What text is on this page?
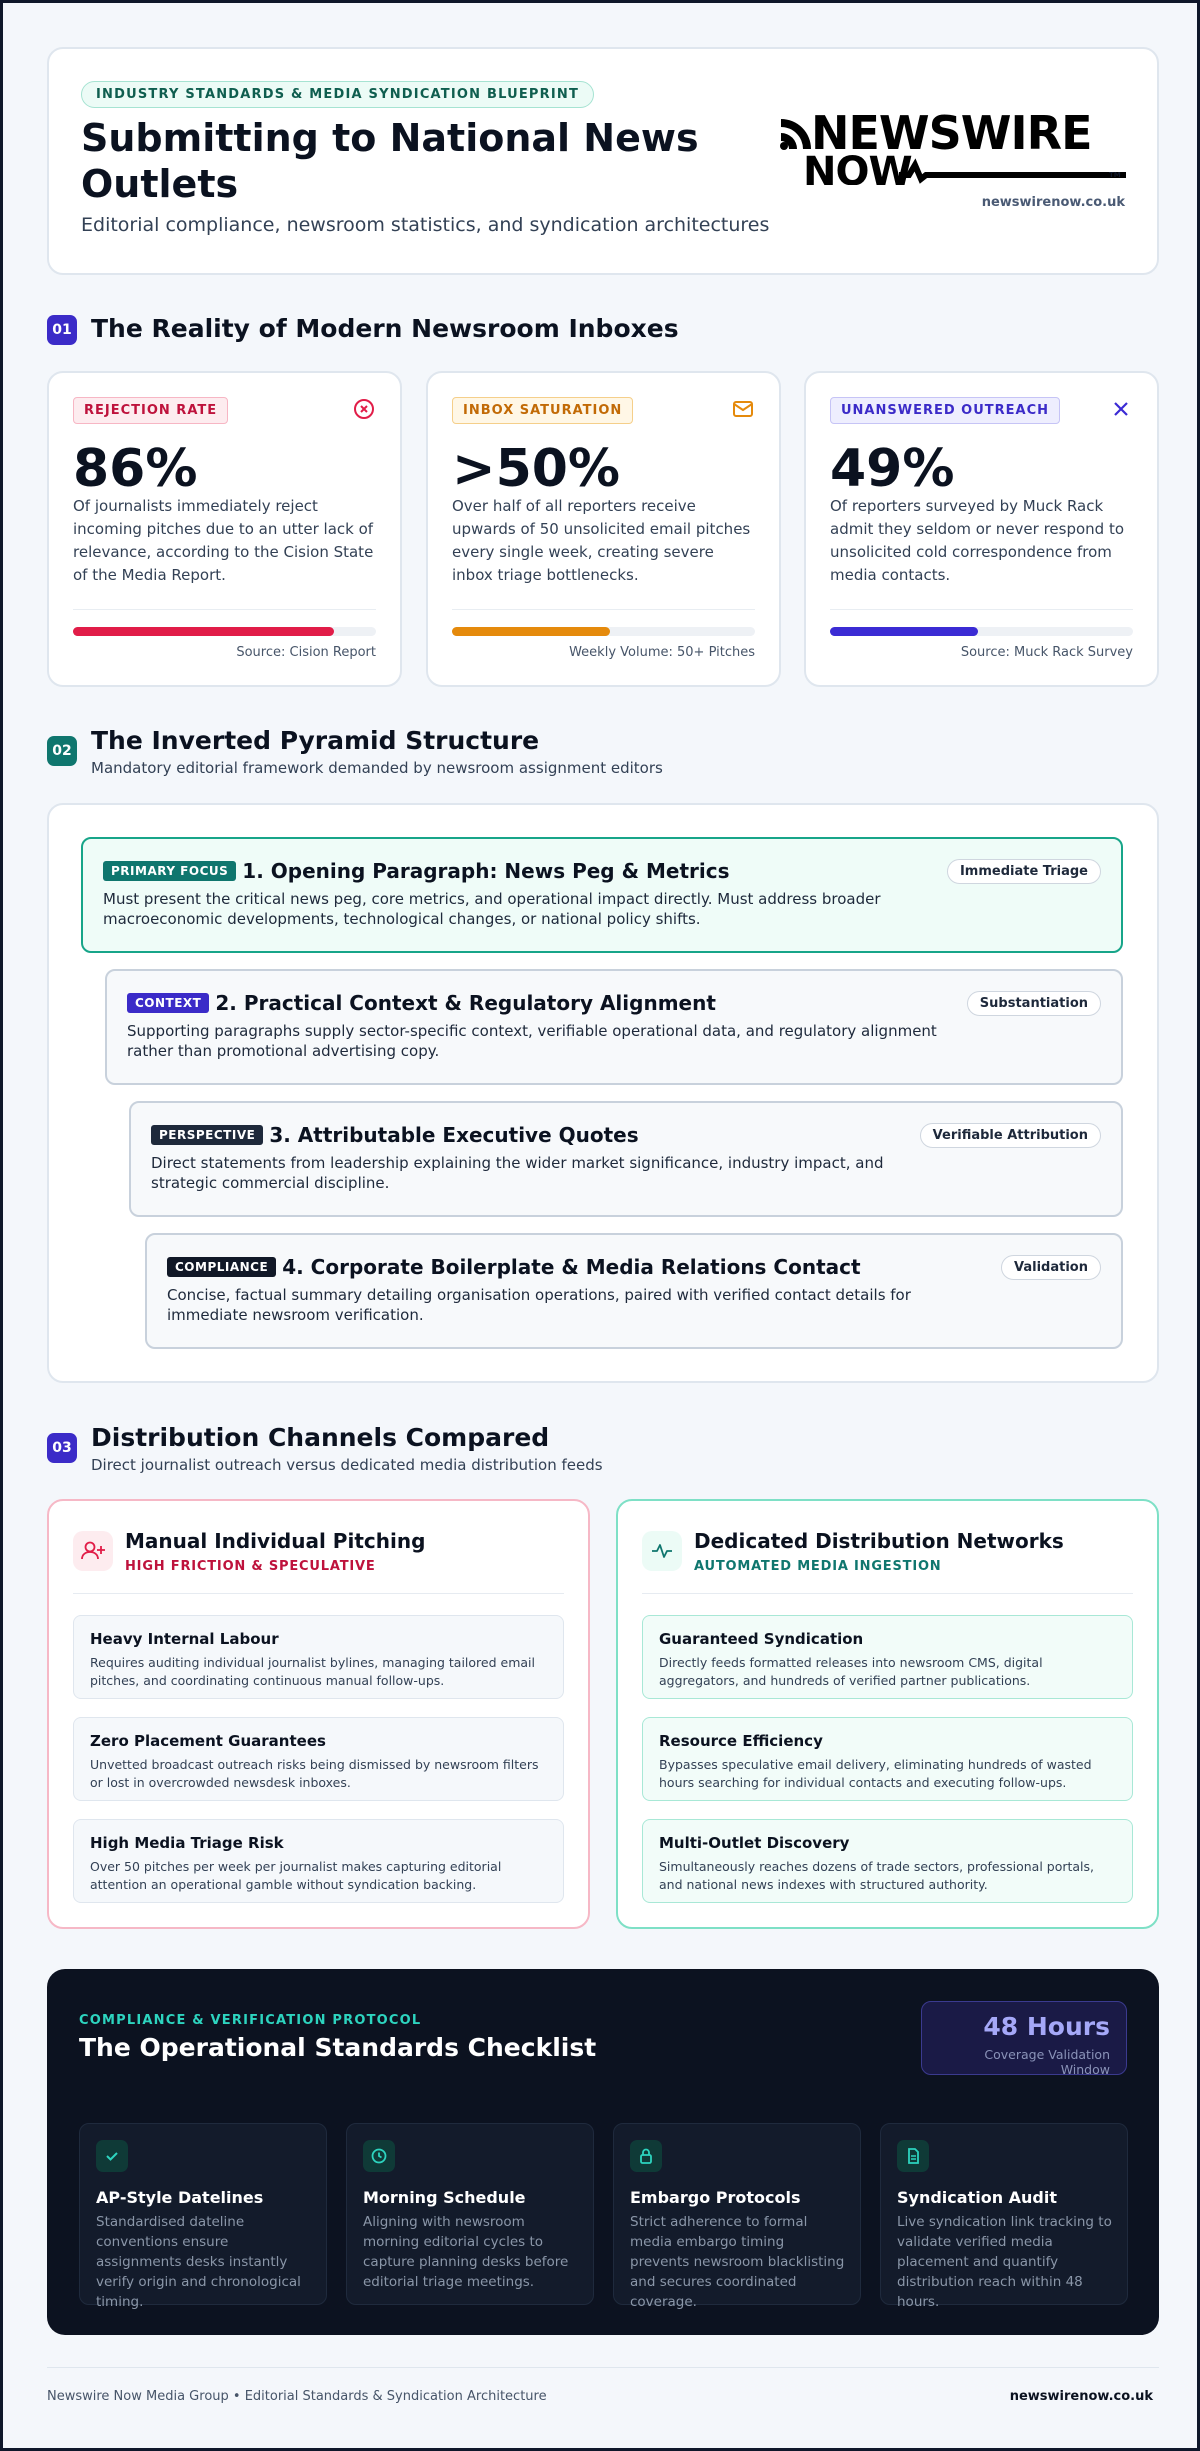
INDUSTRY STANDARDS & MEDIA SYNDICATION BLUEPRINT
Submitting to National News
Outlets
Editorial compliance, newsroom statistics, and syndication architectures
NEWSWIRE
NOW	TM
newswirenow.co.uk
01 The Reality of Modern Newsroom Inboxes
REJECTION RATE
86%
Of journalists immediately reject incoming pitches due to an utter lack of relevance, according to the Cision State of the Media Report.
Source: Cision Report
INBOX SATURATION
>50%
Over half of all reporters receive upwards of 50 unsolicited email pitches every single week, creating severe inbox triage bottlenecks.
Weekly Volume: 50+ Pitches
UNANSWERED OUTREACH
49%
Of reporters surveyed by Muck Rack admit they seldom or never respond to unsolicited cold correspondence from media contacts.
Source: Muck Rack Survey
02 The Inverted Pyramid Structure
Mandatory editorial framework demanded by newsroom assignment editors
PRIMARY FOCUS 1. Opening Paragraph: News Peg & Metrics
Must present the critical news peg, core metrics, and operational impact directly. Must address broader macroeconomic developments, technological changes, or national policy shifts.
Immediate Triage
CONTEXT 2. Practical Context & Regulatory Alignment
Supporting paragraphs supply sector-specific context, verifiable operational data, and regulatory alignment rather than promotional advertising copy.
Substantiation
PERSPECTIVE 3. Attributable Executive Quotes
Direct statements from leadership explaining the wider market significance, industry impact, and strategic commercial discipline.
Verifiable Attribution
COMPLIANCE 4. Corporate Boilerplate & Media Relations Contact
Concise, factual summary detailing organisation operations, paired with verified contact details for immediate newsroom verification.
Validation
03 Distribution Channels Compared
Direct journalist outreach versus dedicated media distribution feeds
Manual Individual Pitching
HIGH FRICTION & SPECULATIVE
Heavy Internal Labour
Requires auditing individual journalist bylines, managing tailored email pitches, and coordinating continuous manual follow-ups.
Zero Placement Guarantees
Unvetted broadcast outreach risks being dismissed by newsroom filters or lost in overcrowded newsdesk inboxes.
High Media Triage Risk
Over 50 pitches per week per journalist makes capturing editorial attention an operational gamble without syndication backing.
Dedicated Distribution Networks
AUTOMATED MEDIA INGESTION
Guaranteed Syndication
Directly feeds formatted releases into newsroom CMS, digital aggregators, and hundreds of verified partner publications.
Resource Efficiency
Bypasses speculative email delivery, eliminating hundreds of wasted hours searching for individual contacts and executing follow-ups.
Multi-Outlet Discovery
Simultaneously reaches dozens of trade sectors, professional portals, and national news indexes with structured authority.
COMPLIANCE & VERIFICATION PROTOCOL
The Operational Standards Checklist
48 Hours
Coverage Validation Window
AP-Style Datelines
Standardised dateline conventions ensure assignments desks instantly verify origin and chronological timing.
Morning Schedule
Aligning with newsroom morning editorial cycles to capture planning desks before editorial triage meetings.
Embargo Protocols
Strict adherence to formal media embargo timing prevents newsroom blacklisting and secures coordinated coverage.
Syndication Audit
Live syndication link tracking to validate verified media placement and quantify distribution reach within 48 hours.
Newswire Now Media Group • Editorial Standards & Syndication Architecture	newswirenow.co.uk
